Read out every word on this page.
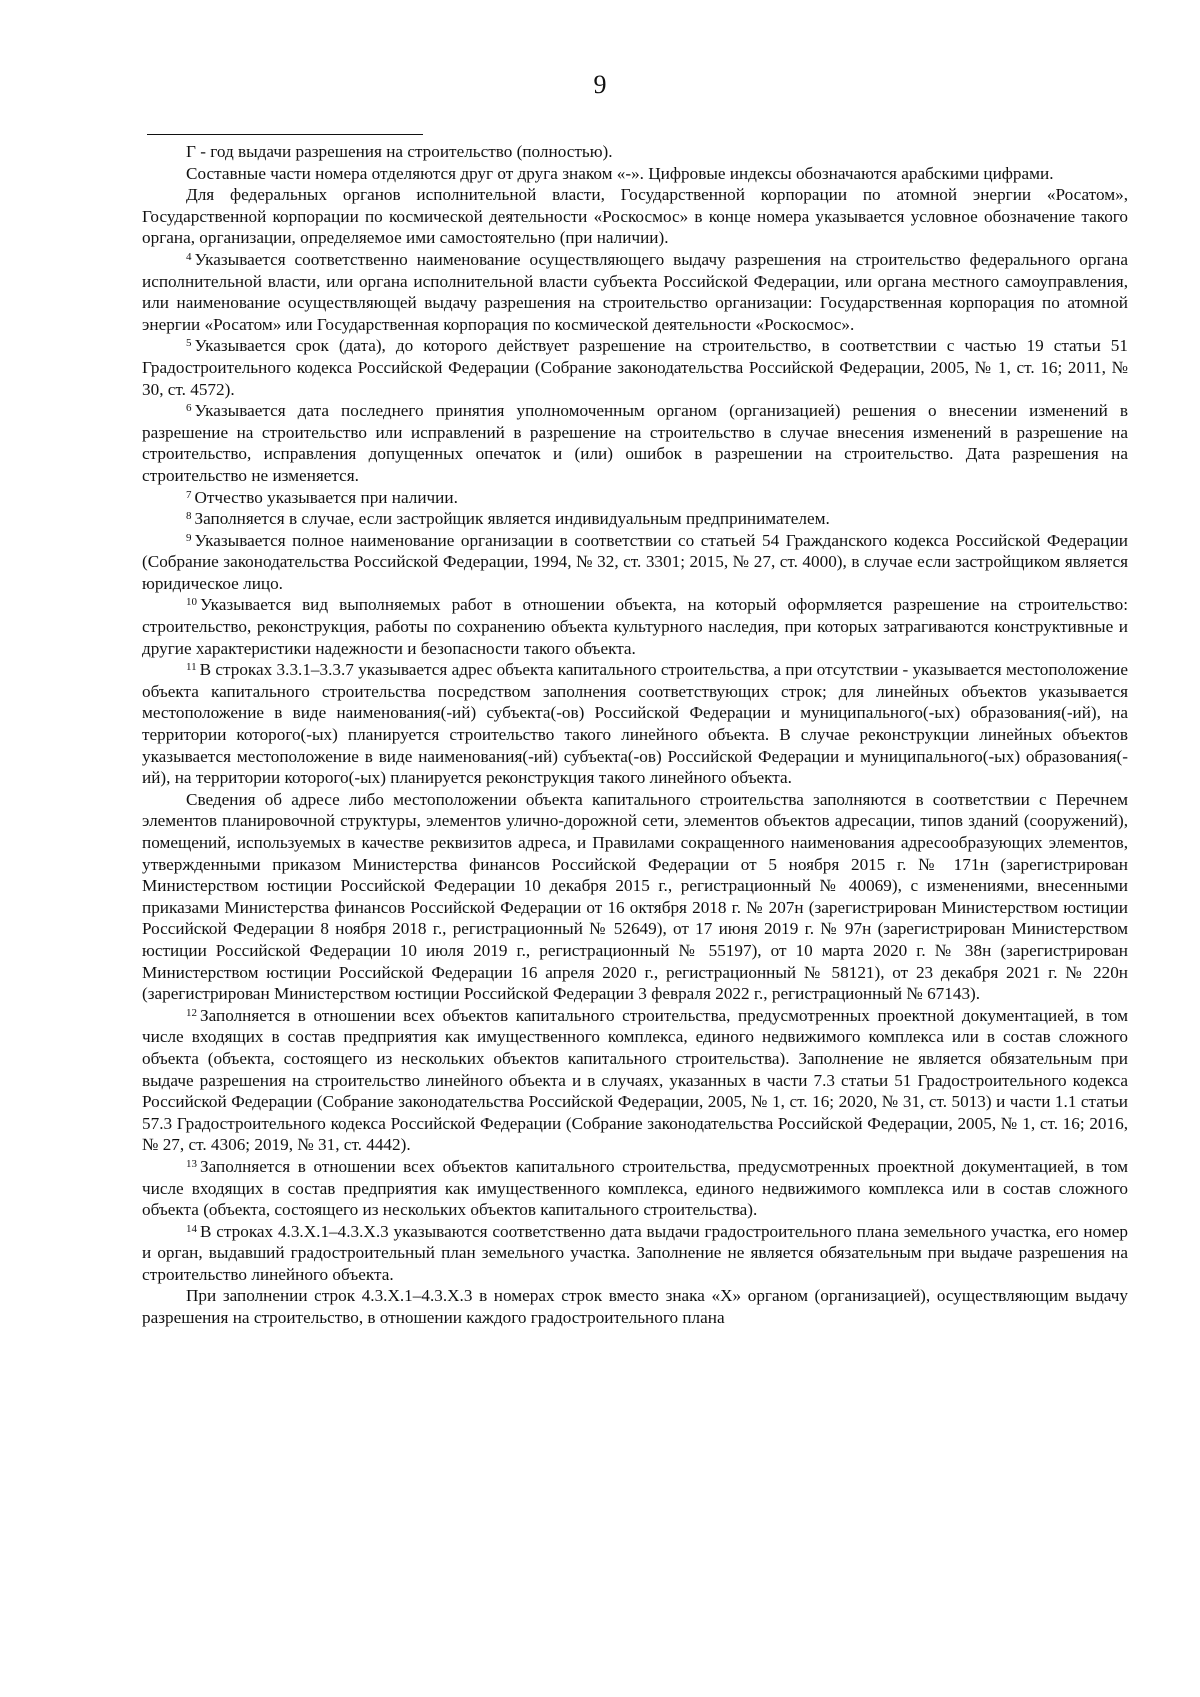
9

Г - год выдачи разрешения на строительство (полностью).

Составные части номера отделяются друг от друга знаком «-». Цифровые индексы обозначаются арабскими цифрами.

Для федеральных органов исполнительной власти, Государственной корпорации по атомной энергии «Росатом», Государственной корпорации по космической деятельности «Роскосмос» в конце номера указывается условное обозначение такого органа, организации, определяемое ими самостоятельно (при наличии).

$^4$ Указывается соответственно наименование осуществляющего выдачу разрешения на строительство федерального органа исполнительной власти, или органа исполнительной власти субъекта Российской Федерации, или органа местного самоуправления, или наименование осуществляющей выдачу разрешения на строительство организации: Государственная корпорация по атомной энергии «Росатом» или Государственная корпорация по космической деятельности «Роскосмос».

$^5$ Указывается срок (дата), до которого действует разрешение на строительство, в соответствии с частью 19 статьи 51 Градостроительного кодекса Российской Федерации (Собрание законодательства Российской Федерации, 2005, № 1, ст. 16; 2011, № 30, ст. 4572).

$^6$ Указывается дата последнего принятия уполномоченным органом (организацией) решения о внесении изменений в разрешение на строительство или исправлений в разрешение на строительство в случае внесения изменений в разрешение на строительство, исправления допущенных опечаток и (или) ошибок в разрешении на строительство. Дата разрешения на строительство не изменяется.

$^7$ Отчество указывается при наличии.

$^8$ Заполняется в случае, если застройщик является индивидуальным предпринимателем.

$^9$ Указывается полное наименование организации в соответствии со статьей 54 Гражданского кодекса Российской Федерации (Собрание законодательства Российской Федерации, 1994, № 32, ст. 3301; 2015, № 27, ст. 4000), в случае если застройщиком является юридическое лицо.

$^{10}$ Указывается вид выполняемых работ в отношении объекта, на который оформляется разрешение на строительство: строительство, реконструкция, работы по сохранению объекта культурного наследия, при которых затрагиваются конструктивные и другие характеристики надежности и безопасности такого объекта.

$^{11}$ В строках 3.3.1–3.3.7 указывается адрес объекта капитального строительства, а при отсутствии - указывается местоположение объекта капитального строительства посредством заполнения соответствующих строк; для линейных объектов указывается местоположение в виде наименования(-ий) субъекта(-ов) Российской Федерации и муниципального(-ых) образования(-ий), на территории которого(-ых) планируется строительство такого линейного объекта. В случае реконструкции линейных объектов указывается местоположение в виде наименования(-ий) субъекта(-ов) Российской Федерации и муниципального(-ых) образования(-ий), на территории которого(-ых) планируется реконструкция такого линейного объекта.

Сведения об адресе либо местоположении объекта капитального строительства заполняются в соответствии с Перечнем элементов планировочной структуры, элементов улично-дорожной сети, элементов объектов адресации, типов зданий (сооружений), помещений, используемых в качестве реквизитов адреса, и Правилами сокращенного наименования адресообразующих элементов, утвержденными приказом Министерства финансов Российской Федерации от 5 ноября 2015 г. № 171н (зарегистрирован Министерством юстиции Российской Федерации 10 декабря 2015 г., регистрационный № 40069), с изменениями, внесенными приказами Министерства финансов Российской Федерации от 16 октября 2018 г. № 207н (зарегистрирован Министерством юстиции Российской Федерации 8 ноября 2018 г., регистрационный № 52649), от 17 июня 2019 г. № 97н (зарегистрирован Министерством юстиции Российской Федерации 10 июля 2019 г., регистрационный № 55197), от 10 марта 2020 г. № 38н (зарегистрирован Министерством юстиции Российской Федерации 16 апреля 2020 г., регистрационный № 58121), от 23 декабря 2021 г. № 220н (зарегистрирован Министерством юстиции Российской Федерации 3 февраля 2022 г., регистрационный № 67143).

$^{12}$ Заполняется в отношении всех объектов капитального строительства, предусмотренных проектной документацией, в том числе входящих в состав предприятия как имущественного комплекса, единого недвижимого комплекса или в состав сложного объекта (объекта, состоящего из нескольких объектов капитального строительства). Заполнение не является обязательным при выдаче разрешения на строительство линейного объекта и в случаях, указанных в части 7.3 статьи 51 Градостроительного кодекса Российской Федерации (Собрание законодательства Российской Федерации, 2005, № 1, ст. 16; 2020, № 31, ст. 5013) и части 1.1 статьи 57.3 Градостроительного кодекса Российской Федерации (Собрание законодательства Российской Федерации, 2005, № 1, ст. 16; 2016, № 27, ст. 4306; 2019, № 31, ст. 4442).

$^{13}$ Заполняется в отношении всех объектов капитального строительства, предусмотренных проектной документацией, в том числе входящих в состав предприятия как имущественного комплекса, единого недвижимого комплекса или в состав сложного объекта (объекта, состоящего из нескольких объектов капитального строительства).

$^{14}$ В строках 4.3.Х.1–4.3.Х.3 указываются соответственно дата выдачи градостроительного плана земельного участка, его номер и орган, выдавший градостроительный план земельного участка. Заполнение не является обязательным при выдаче разрешения на строительство линейного объекта.

При заполнении строк 4.3.Х.1–4.3.Х.3 в номерах строк вместо знака «Х» органом (организацией), осуществляющим выдачу разрешения на строительство, в отношении каждого градостроительного плана
